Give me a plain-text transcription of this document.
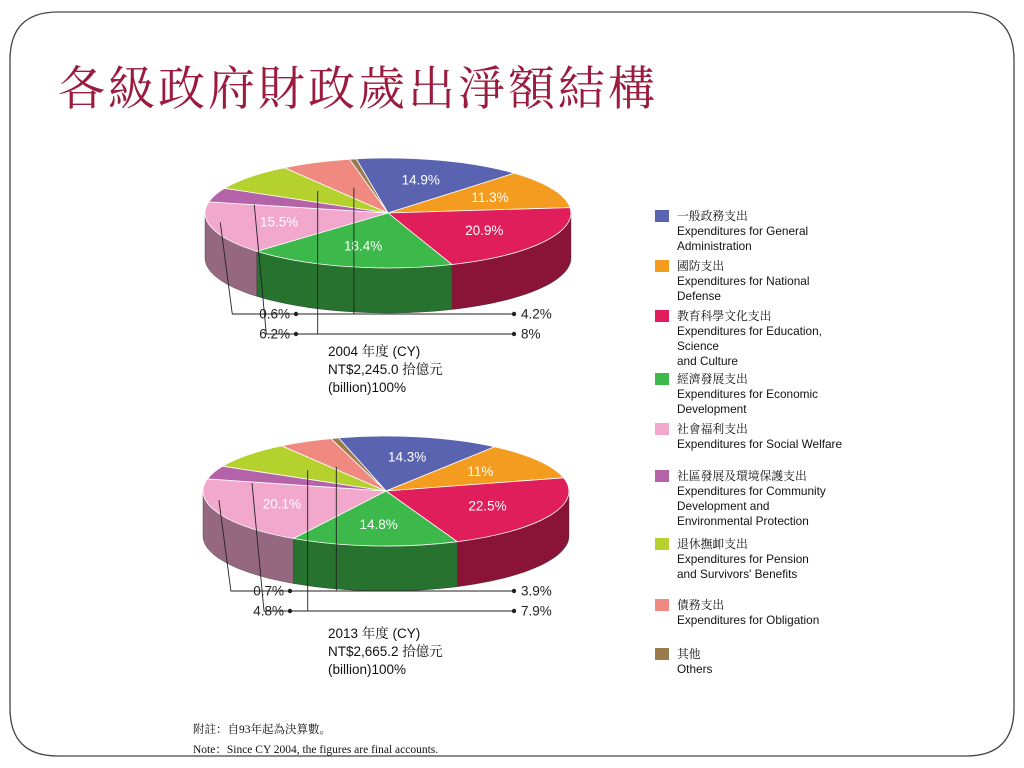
各級政府財政歲出淨額結構
14.9%
11.3%
20.9%
18.4%
15.5%
0.6%
6.2%
4.2%
8%
2004 年度 (CY)
NT$2,245.0 拾億元
(billion)100%
14.3%
11%
22.5%
14.8%
20.1%
0.7%
4.8%
3.9%
7.9%
2013 年度 (CY)
NT$2,665.2 拾億元
(billion)100%
一般政務支出
Expenditures for General
Administration
國防支出
Expenditures for National
Defense
教育科學文化支出
Expenditures for Education,
Science
and Culture
經濟發展支出
Expenditures for Economic
Development
社會福利支出
Expenditures for Social Welfare
社區發展及環境保護支出
Expenditures for Community
Development and
Environmental Protection
退休撫卹支出
Expenditures for Pension
and Survivors' Benefits
債務支出
Expenditures for Obligation
其他
Others
附註：自93年起為決算數。
Note：Since CY 2004, the figures are final accounts.
